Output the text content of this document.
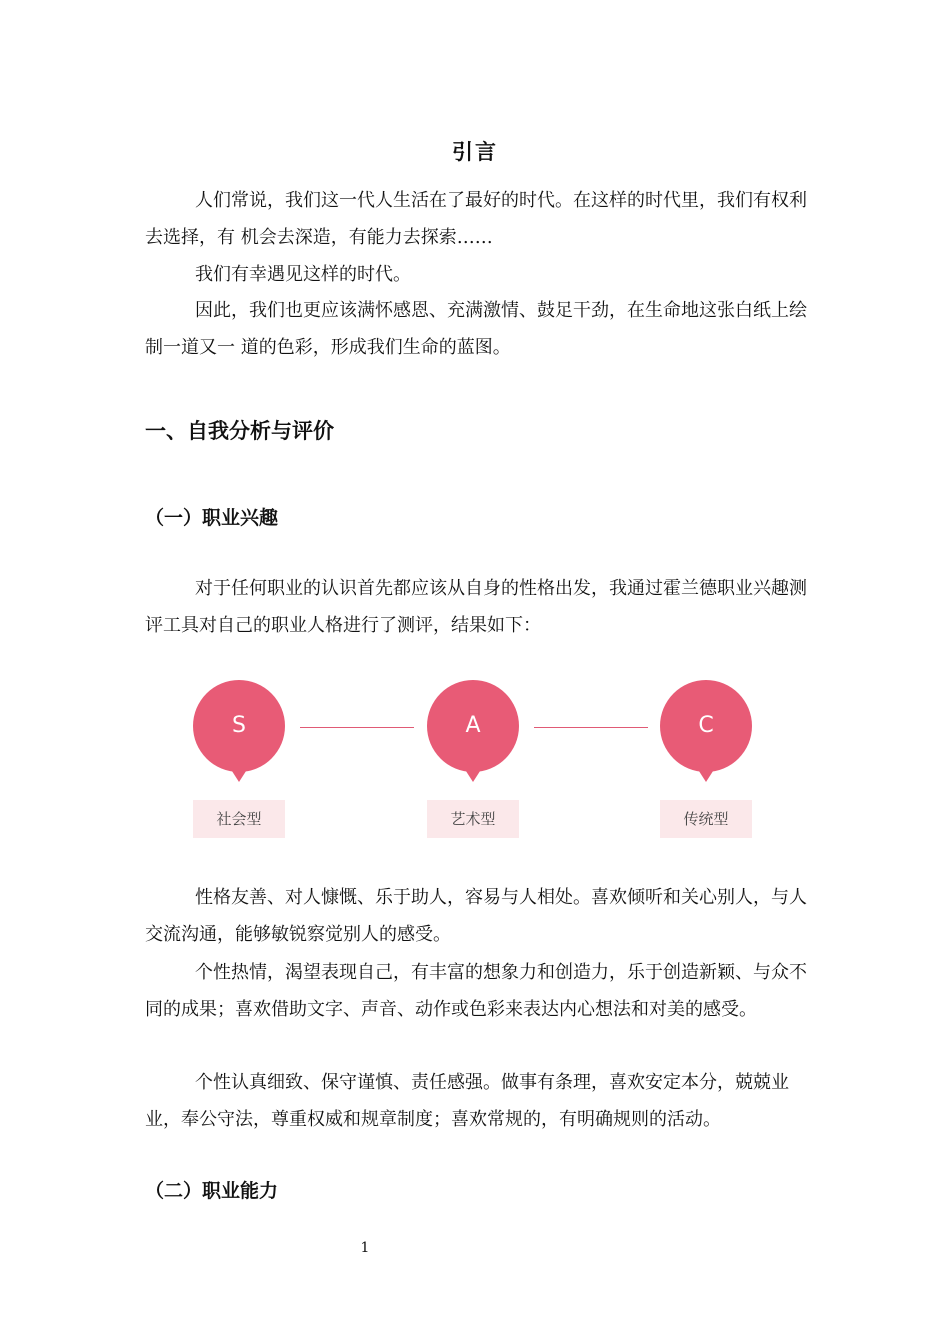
引言

人们常说，我们这一代人生活在了最好的时代。在这样的时代里，我们有权利去选择，有 机会去深造，有能力去探索……

我们有幸遇见这样的时代。

因此，我们也更应该满怀感恩、充满激情、鼓足干劲，在生命地这张白纸上绘制一道又一 道的色彩，形成我们生命的蓝图。

一、自我分析与评价
（一）职业兴趣

对于任何职业的认识首先都应该从自身的性格出发，我通过霍兰德职业兴趣测评工具对自己的职业人格进行了测评，结果如下：

S
社会型
A
艺术型
C
传统型

性格友善、对人慷慨、乐于助人，容易与人相处。喜欢倾听和关心别人，与人交流沟通，能够敏锐察觉别人的感受。

个性热情，渴望表现自己，有丰富的想象力和创造力，乐于创造新颖、与众不同的成果；喜欢借助文字、声音、动作或色彩来表达内心想法和对美的感受。

个性认真细致、保守谨慎、责任感强。做事有条理，喜欢安定本分，兢兢业业，奉公守法，尊重权威和规章制度；喜欢常规的，有明确规则的活动。

（二）职业能力

1
